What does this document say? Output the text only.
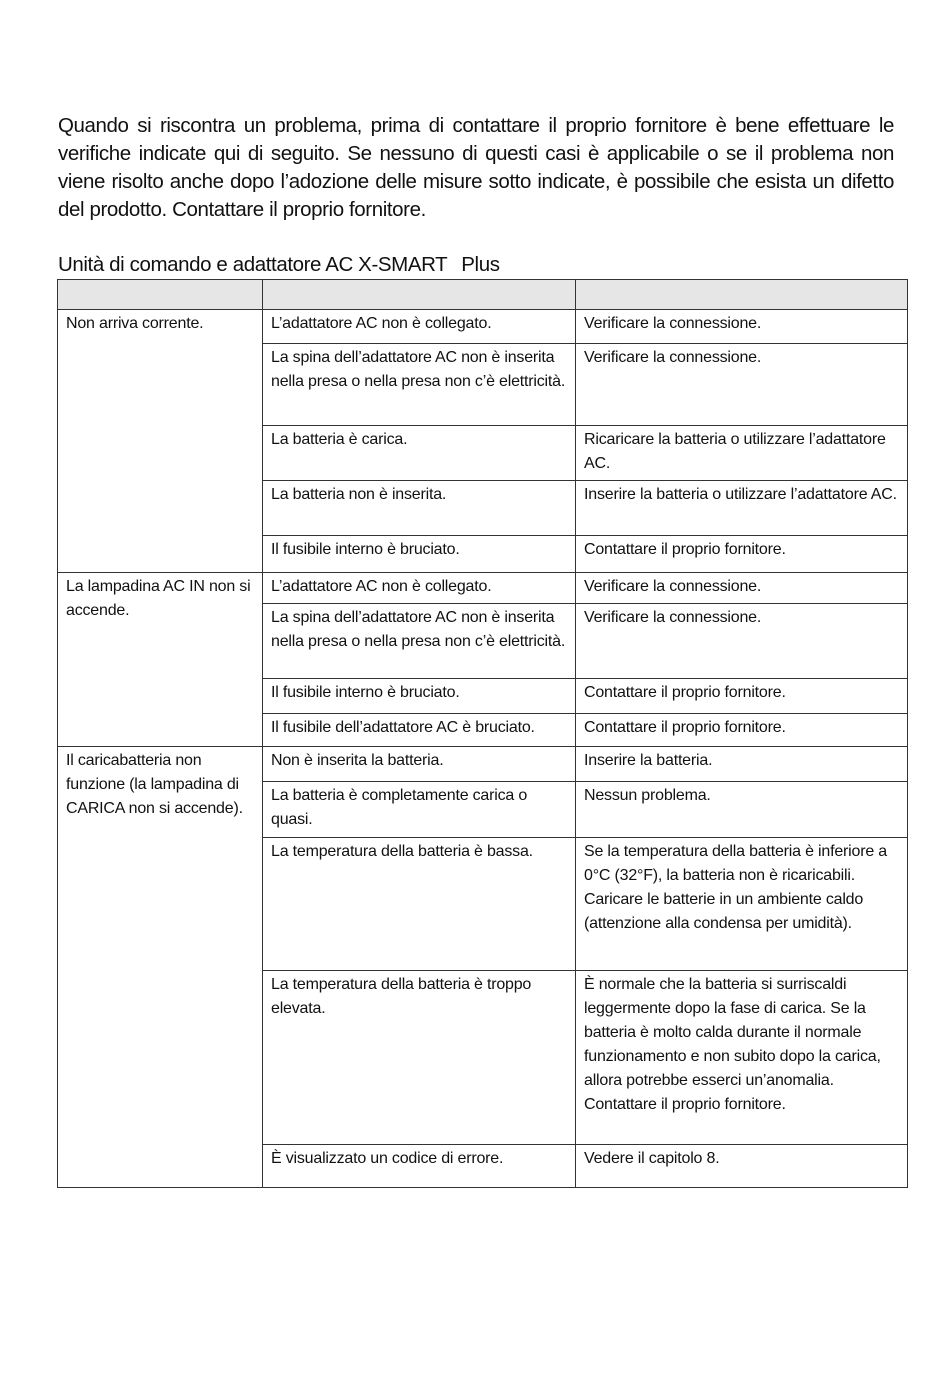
Quando si riscontra un problema, prima di contattare il proprio fornitore è bene effettuare le verifiche indicate qui di seguito. Se nessuno di questi casi è applicabile o se il problema non viene risolto anche dopo l’adozione delle misure sotto indicate, è possibile che esista un difetto del prodotto. Contattare il proprio fornitore.

Unità di comando e adattatore AC X-SMART Plus

Non arriva corrente.	L’adattatore AC non è collegato.	Verificare la connessione.
	La spina dell’adattatore AC non è inserita nella presa o nella presa non c’è elettricità.	Verificare la connessione.
	La batteria è carica.	Ricaricare la batteria o utilizzare l’adattatore AC.
	La batteria non è inserita.	Inserire la batteria o utilizzare l’adattatore AC.
	Il fusibile interno è bruciato.	Contattare il proprio fornitore.
La lampadina AC IN non si accende.	L’adattatore AC non è collegato.	Verificare la connessione.
	La spina dell’adattatore AC non è inserita nella presa o nella presa non c’è elettricità.	Verificare la connessione.
	Il fusibile interno è bruciato.	Contattare il proprio fornitore.
	Il fusibile dell’adattatore AC è bruciato.	Contattare il proprio fornitore.
Il caricabatteria non funzione (la lampadina di CARICA non si accende).	Non è inserita la batteria.	Inserire la batteria.
	La batteria è completamente carica o quasi.	Nessun problema.
	La temperatura della batteria è bassa.	Se la temperatura della batteria è inferiore a 0°C (32°F), la batteria non è ricaricabili. Caricare le batterie in un ambiente caldo (attenzione alla condensa per umidità).
	La temperatura della batteria è troppo elevata.	È normale che la batteria si surriscaldi leggermente dopo la fase di carica. Se la batteria è molto calda durante il normale funzionamento e non subito dopo la carica, allora potrebbe esserci un’anomalia. Contattare il proprio fornitore.
	È visualizzato un codice di errore.	Vedere il capitolo 8.
